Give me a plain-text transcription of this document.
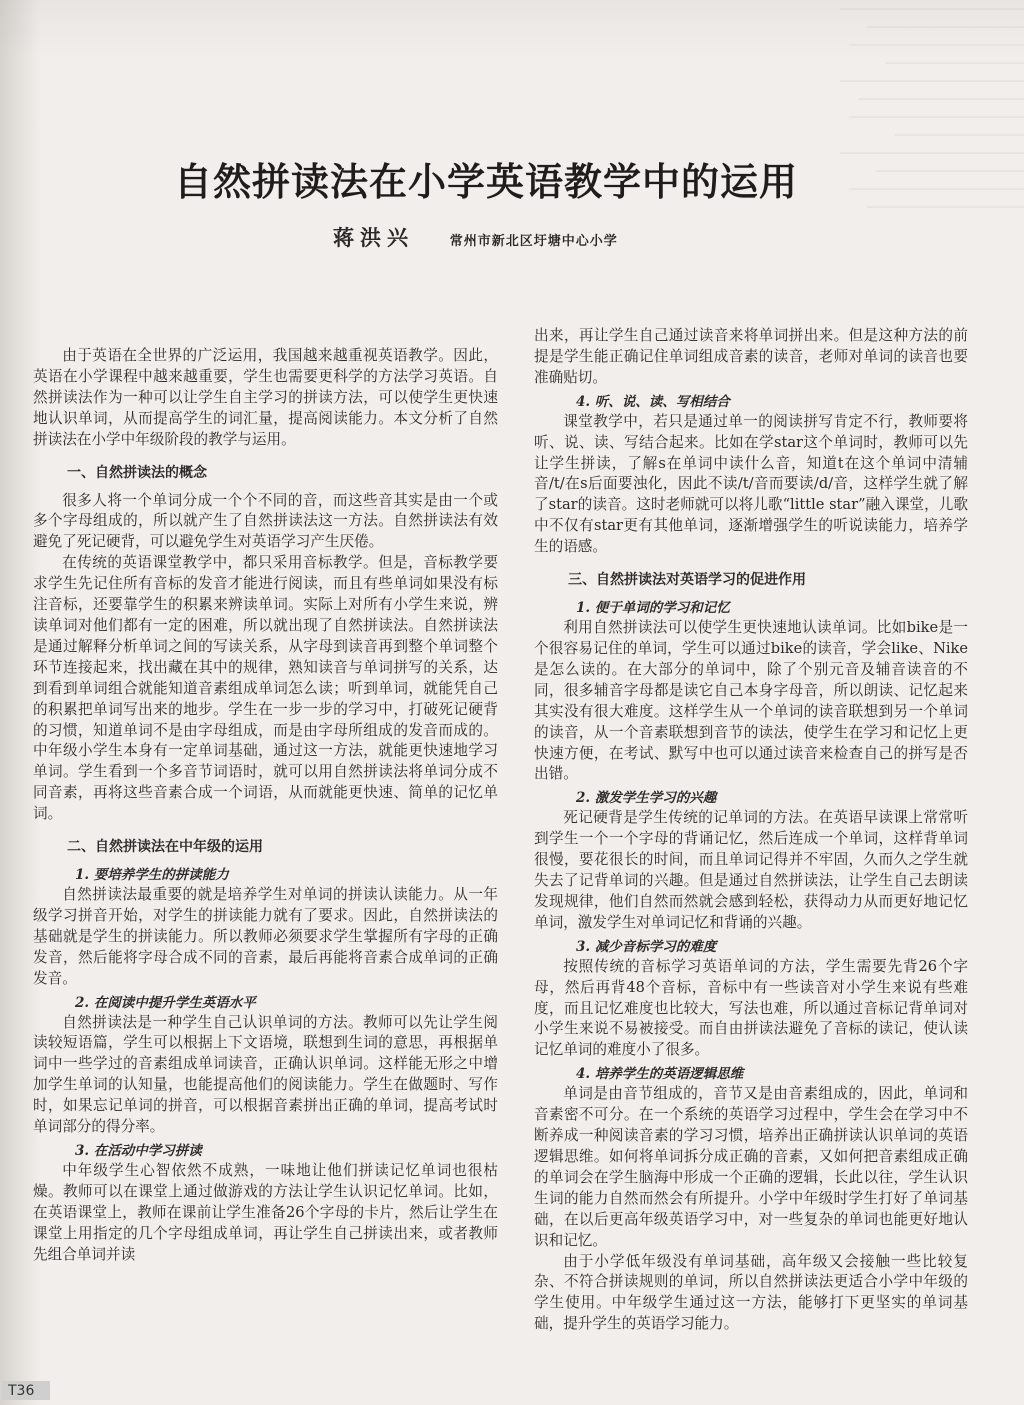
────────────────────
─────────────────
───────────────────
───────────────
────────────────────
──────────────────
───────────────────
──────────────
────────────────────
────────────────
───────────────────
─────────────────
自然拼读法在小学英语教学中的运用
蒋洪兴	常州市新北区圩塘中心小学

由于英语在全世界的广泛运用，我国越来越重视英语教学。因此，英语在小学课程中越来越重要，学生也需要更科学的方法学习英语。自然拼读法作为一种可以让学生自主学习的拼读方法，可以使学生更快速地认识单词，从而提高学生的词汇量，提高阅读能力。本文分析了自然拼读法在小学中年级阶段的教学与运用。

一、自然拼读法的概念

很多人将一个单词分成一个个不同的音，而这些音其实是由一个或多个字母组成的，所以就产生了自然拼读法这一方法。自然拼读法有效避免了死记硬背，可以避免学生对英语学习产生厌倦。

在传统的英语课堂教学中，都只采用音标教学。但是，音标教学要求学生先记住所有音标的发音才能进行阅读，而且有些单词如果没有标注音标，还要靠学生的积累来辨读单词。实际上对所有小学生来说，辨读单词对他们都有一定的困难，所以就出现了自然拼读法。自然拼读法是通过解释分析单词之间的写读关系，从字母到读音再到整个单词整个环节连接起来，找出藏在其中的规律，熟知读音与单词拼写的关系，达到看到单词组合就能知道音素组成单词怎么读；听到单词，就能凭自己的积累把单词写出来的地步。学生在一步一步的学习中，打破死记硬背的习惯，知道单词不是由字母组成，而是由字母所组成的发音而成的。中年级小学生本身有一定单词基础，通过这一方法，就能更快速地学习单词。学生看到一个多音节词语时，就可以用自然拼读法将单词分成不同音素，再将这些音素合成一个词语，从而就能更快速、简单的记忆单词。

二、自然拼读法在中年级的运用
1. 要培养学生的拼读能力

自然拼读法最重要的就是培养学生对单词的拼读认读能力。从一年级学习拼音开始，对学生的拼读能力就有了要求。因此，自然拼读法的基础就是学生的拼读能力。所以教师必须要求学生掌握所有字母的正确发音，然后能将字母合成不同的音素，最后再能将音素合成单词的正确发音。

2. 在阅读中提升学生英语水平

自然拼读法是一种学生自己认识单词的方法。教师可以先让学生阅读较短语篇，学生可以根据上下文语境，联想到生词的意思，再根据单词中一些学过的音素组成单词读音，正确认识单词。这样能无形之中增加学生单词的认知量，也能提高他们的阅读能力。学生在做题时、写作时，如果忘记单词的拼音，可以根据音素拼出正确的单词，提高考试时单词部分的得分率。

3. 在活动中学习拼读

中年级学生心智依然不成熟，一味地让他们拼读记忆单词也很枯燥。教师可以在课堂上通过做游戏的方法让学生认识记忆单词。比如，在英语课堂上，教师在课前让学生准备26个字母的卡片，然后让学生在课堂上用指定的几个字母组成单词，再让学生自己拼读出来，或者教师先组合单词并读

出来，再让学生自己通过读音来将单词拼出来。但是这种方法的前提是学生能正确记住单词组成音素的读音，老师对单词的读音也要准确贴切。

4. 听、说、读、写相结合

课堂教学中，若只是通过单一的阅读拼写肯定不行，教师要将听、说、读、写结合起来。比如在学star这个单词时，教师可以先让学生拼读，了解s在单词中读什么音，知道t在这个单词中清辅音/t/在s后面要浊化，因此不读/t/音而要读/d/音，这样学生就了解了star的读音。这时老师就可以将儿歌“little star”融入课堂，儿歌中不仅有star更有其他单词，逐渐增强学生的听说读能力，培养学生的语感。

三、自然拼读法对英语学习的促进作用
1. 便于单词的学习和记忆

利用自然拼读法可以使学生更快速地认读单词。比如bike是一个很容易记住的单词，学生可以通过bike的读音，学会like、Nike是怎么读的。在大部分的单词中，除了个别元音及辅音读音的不同，很多辅音字母都是读它自己本身字母音，所以朗读、记忆起来其实没有很大难度。这样学生从一个单词的读音联想到另一个单词的读音，从一个音素联想到音节的读法，使学生在学习和记忆上更快速方便，在考试、默写中也可以通过读音来检查自己的拼写是否出错。

2. 激发学生学习的兴趣

死记硬背是学生传统的记单词的方法。在英语早读课上常常听到学生一个一个字母的背诵记忆，然后连成一个单词，这样背单词很慢，要花很长的时间，而且单词记得并不牢固，久而久之学生就失去了记背单词的兴趣。但是通过自然拼读法，让学生自己去朗读发现规律，他们自然而然就会感到轻松，获得动力从而更好地记忆单词，激发学生对单词记忆和背诵的兴趣。

3. 减少音标学习的难度

按照传统的音标学习英语单词的方法，学生需要先背26个字母，然后再背48个音标，音标中有一些读音对小学生来说有些难度，而且记忆难度也比较大，写法也难，所以通过音标记背单词对小学生来说不易被接受。而自由拼读法避免了音标的读记，使认读记忆单词的难度小了很多。

4. 培养学生的英语逻辑思维

单词是由音节组成的，音节又是由音素组成的，因此，单词和音素密不可分。在一个系统的英语学习过程中，学生会在学习中不断养成一种阅读音素的学习习惯，培养出正确拼读认识单词的英语逻辑思维。如何将单词拆分成正确的音素，又如何把音素组成正确的单词会在学生脑海中形成一个正确的逻辑，长此以往，学生认识生词的能力自然而然会有所提升。小学中年级时学生打好了单词基础，在以后更高年级英语学习中，对一些复杂的单词也能更好地认识和记忆。

由于小学低年级没有单词基础，高年级又会接触一些比较复杂、不符合拼读规则的单词，所以自然拼读法更适合小学中年级的学生使用。中年级学生通过这一方法，能够打下更坚实的单词基础，提升学生的英语学习能力。

T36
